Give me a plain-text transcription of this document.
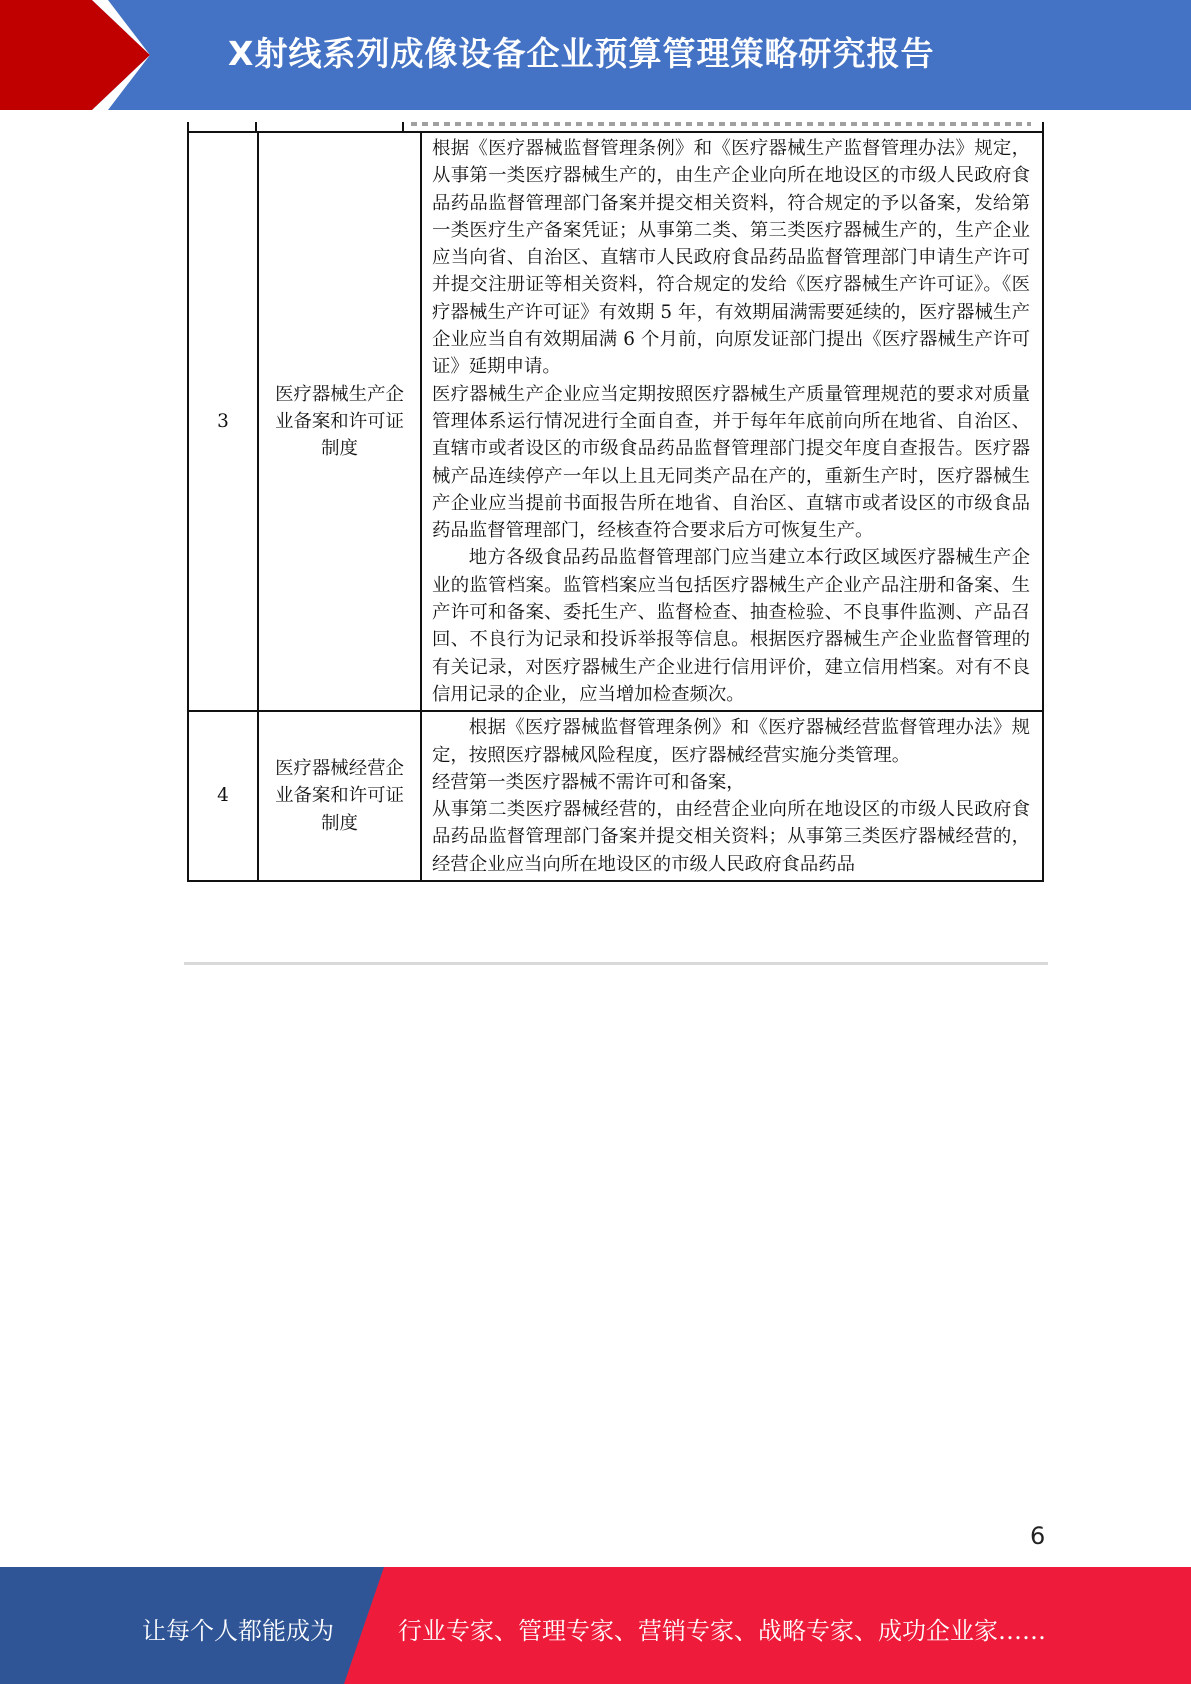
X射线系列成像设备企业预算管理策略研究报告
3	医疗器械生产企业备案和许可证制度	根据《医疗器械监督管理条例》和《医疗器械生产监督管理办法》规定，从事第一类医疗器械生产的，由生产企业向所在地设区的市级人民政府食品药品监督管理部门备案并提交相关资料，符合规定的予以备案，发给第一类医疗生产备案凭证；从事第二类、第三类医疗器械生产的，生产企业应当向省、自治区、直辖市人民政府食品药品监督管理部门申请生产许可并提交注册证等相关资料，符合规定的发给《医疗器械生产许可证》。《医疗器械生产许可证》有效期 5 年，有效期届满需要延续的，医疗器械生产企业应当自有效期届满 6 个月前，向原发证部门提出《医疗器械生产许可证》延期申请。

医疗器械生产企业应当定期按照医疗器械生产质量管理规范的要求对质量管理体系运行情况进行全面自查，并于每年年底前向所在地省、自治区、直辖市或者设区的市级食品药品监督管理部门提交年度自查报告。医疗器械产品连续停产一年以上且无同类产品在产的，重新生产时，医疗器械生产企业应当提前书面报告所在地省、自治区、直辖市或者设区的市级食品药品监督管理部门，经核查符合要求后方可恢复生产。

地方各级食品药品监督管理部门应当建立本行政区域医疗器械生产企业的监管档案。监管档案应当包括医疗器械生产企业产品注册和备案、生产许可和备案、委托生产、监督检查、抽查检验、不良事件监测、产品召回、不良行为记录和投诉举报等信息。根据医疗器械生产企业监督管理的有关记录，对医疗器械生产企业进行信用评价，建立信用档案。对有不良信用记录的企业，应当增加检查频次。

4	医疗器械经营企业备案和许可证制度	根据《医疗器械监督管理条例》和《医疗器械经营监督管理办法》规定，按照医疗器械风险程度，医疗器械经营实施分类管理。

经营第一类医疗器械不需许可和备案，

从事第二类医疗器械经营的，由经营企业向所在地设区的市级人民政府食品药品监督管理部门备案并提交相关资料；从事第三类医疗器械经营的，经营企业应当向所在地设区的市级人民政府食品药品

6
让每个人都能成为	行业专家、管理专家、营销专家、战略专家、成功企业家……
